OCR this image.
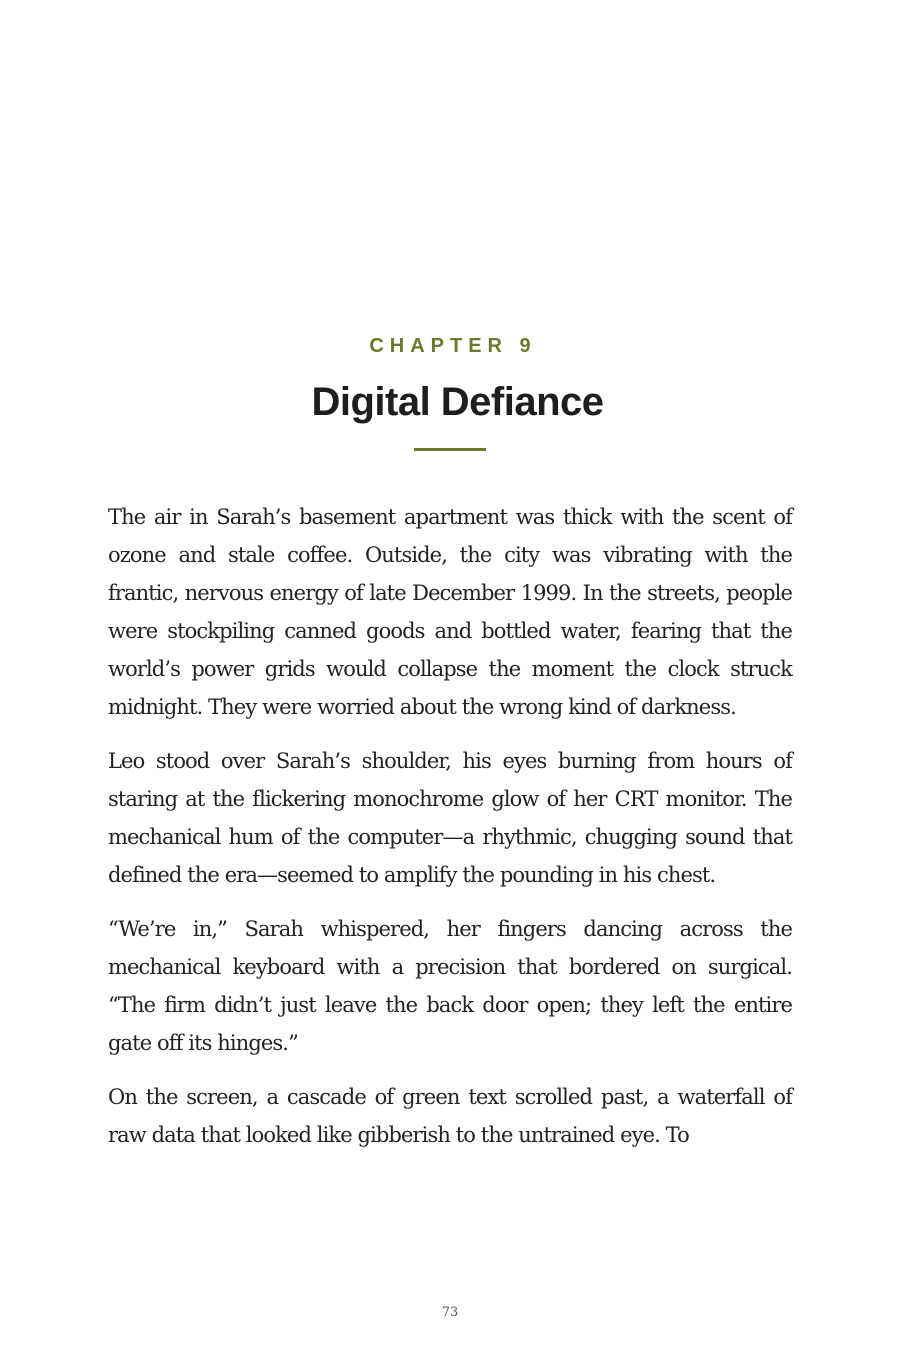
CHAPTER 9
Digital Defiance

The air in Sarah’s basement apartment was thick with the scent of ozone and stale coffee. Outside, the city was vibrating with the frantic, nervous energy of late December 1999. In the streets, people were stockpiling canned goods and bottled water, fearing that the world’s power grids would collapse the moment the clock struck midnight. They were worried about the wrong kind of darkness.

Leo stood over Sarah’s shoulder, his eyes burning from hours of staring at the flickering monochrome glow of her CRT monitor. The mechanical hum of the computer—a rhythmic, chugging sound that defined the era—seemed to amplify the pounding in his chest.

“We’re in,” Sarah whispered, her fingers dancing across the mechanical keyboard with a precision that bordered on surgical. “The firm didn’t just leave the back door open; they left the entire gate off its hinges.”

On the screen, a cascade of green text scrolled past, a waterfall of raw data that looked like gibberish to the untrained eye. To

73
